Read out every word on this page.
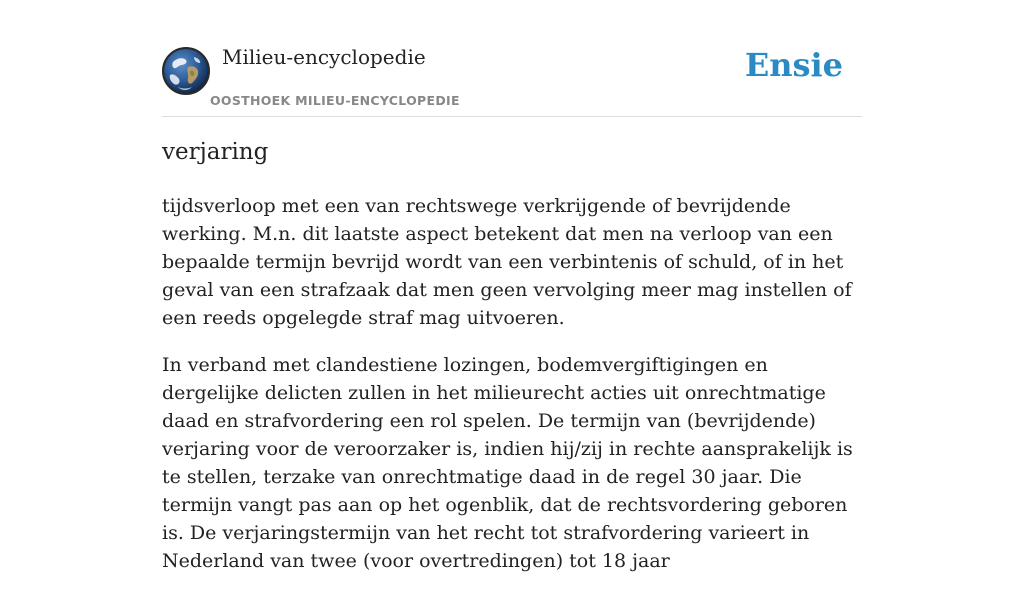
Milieu-encyclopedie
OOSTHOEK MILIEU-ENCYCLOPEDIE
Ensie
verjaring

tijdsverloop met een van rechtswege verkrijgende of bevrijdende werking. M.n. dit laatste aspect betekent dat men na verloop van een bepaalde termijn bevrijd wordt van een verbintenis of schuld, of in het geval van een strafzaak dat men geen vervolging meer mag instellen of een reeds opgelegde straf mag uitvoeren.

In verband met clandestiene lozingen, bodemvergiftigingen en dergelijke delicten zullen in het milieurecht acties uit onrechtmatige daad en strafvordering een rol spelen. De termijn van (bevrijdende) verjaring voor de veroorzaker is, indien hij/zij in rechte aansprakelijk is te stellen, terzake van onrechtmatige daad in de regel 30 jaar. Die termijn vangt pas aan op het ogenblik, dat de rechtsvordering geboren is. De verjaringstermijn van het recht tot strafvordering varieert in Nederland van twee (voor overtredingen) tot 18 jaar
